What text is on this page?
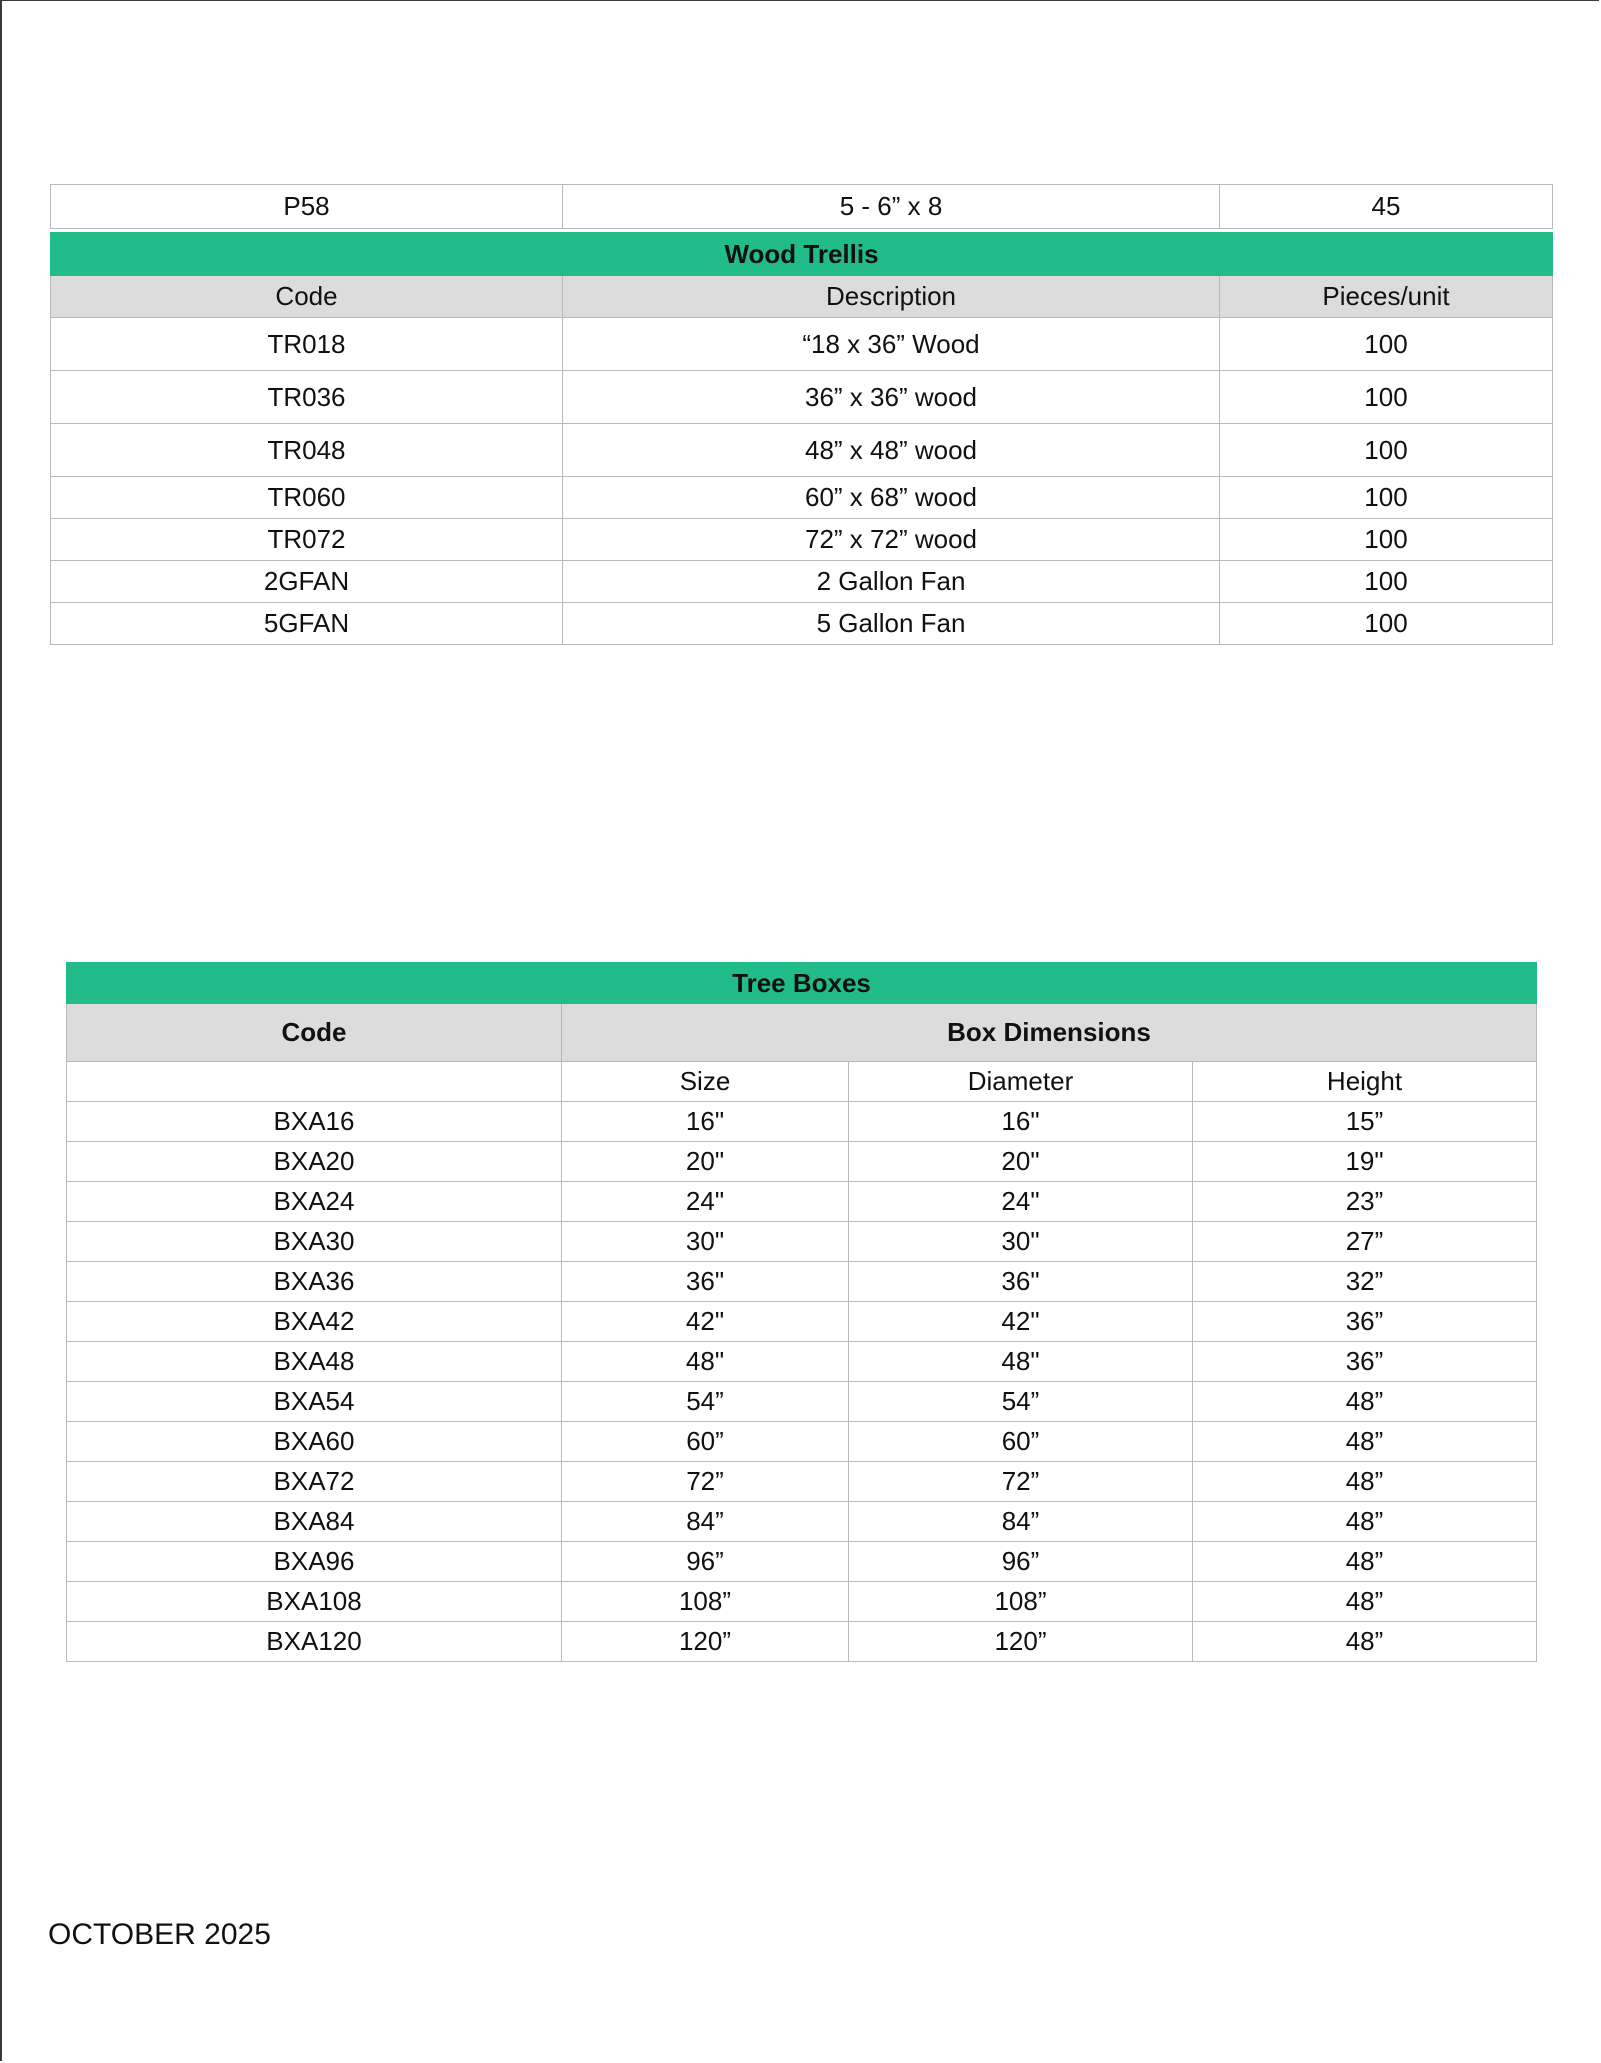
P58	5 - 6” x 8	45
Wood Trellis		
Code	Description	Pieces/unit
TR018	“18 x 36” Wood	100
TR036	36” x 36” wood	100
TR048	48” x 48” wood	100
TR060	60” x 68” wood	100
TR072	72” x 72” wood	100
2GFAN	2 Gallon Fan	100
5GFAN	5 Gallon Fan	100
Tree Boxes			
Code	Box Dimensions		
	Size	Diameter	Height
BXA16	16"	16"	15”
BXA20	20"	20"	19"
BXA24	24"	24"	23”
BXA30	30"	30"	27”
BXA36	36"	36"	32”
BXA42	42"	42"	36”
BXA48	48"	48"	36”
BXA54	54”	54”	48”
BXA60	60”	60”	48”
BXA72	72”	72”	48”
BXA84	84”	84”	48”
BXA96	96”	96”	48”
BXA108	108”	108”	48”
BXA120	120”	120”	48”
OCTOBER 2025
